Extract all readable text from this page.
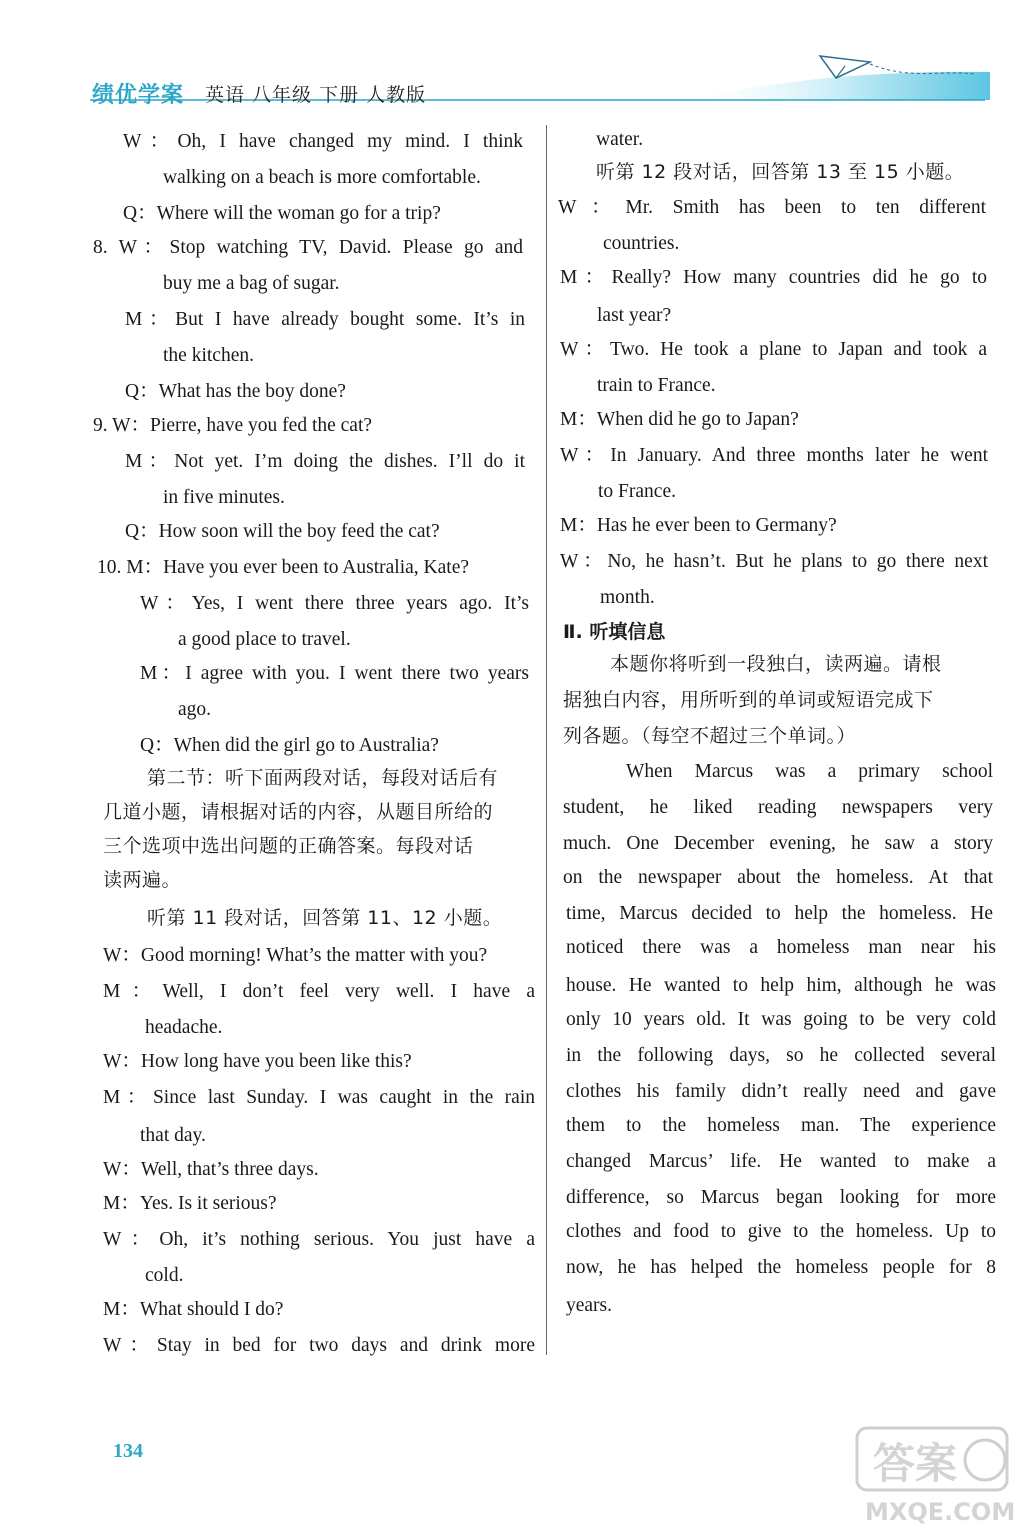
绩优学案 英语 八年级 下册 人教版
W：Oh, I have changed my mind. I think
walking on a beach is more comfortable.
Q：Where will the woman go for a trip?
8. W：Stop watching TV, David. Please go and
buy me a bag of sugar.
M：But I have already bought some. It’s in
the kitchen.
Q：What has the boy done?
9. W：Pierre, have you fed the cat?
M：Not yet. I’m doing the dishes. I’ll do it
in five minutes.
Q：How soon will the boy feed the cat?
10. M：Have you ever been to Australia, Kate?
W：Yes, I went there three years ago. It’s
a good place to travel.
M：I agree with you. I went there two years
ago.
Q：When did the girl go to Australia?
第二节：听下面两段对话，每段对话后有
几道小题，请根据对话的内容，从题目所给的
三个选项中选出问题的正确答案。每段对话
读两遍。
听第 11 段对话，回答第 11、12 小题。
W：Good morning! What’s the matter with you?
M：Well, I don’t feel very well. I have a
headache.
W：How long have you been like this?
M：Since last Sunday. I was caught in the rain
that day.
W：Well, that’s three days.
M：Yes. Is it serious?
W：Oh, it’s nothing serious. You just have a
cold.
M：What should I do?
W：Stay in bed for two days and drink more
water.
听第 12 段对话，回答第 13 至 15 小题。
W：Mr. Smith has been to ten different
countries.
M：Really? How many countries did he go to
last year?
W：Two. He took a plane to Japan and took a
train to France.
M：When did he go to Japan?
W：In January. And three months later he went
to France.
M：Has he ever been to Germany?
W：No, he hasn’t. But he plans to go there next
month.
Ⅱ. 听填信息
本题你将听到一段独白，读两遍。请根
据独白内容，用所听到的单词或短语完成下
列各题。（每空不超过三个单词。）
When Marcus was a primary school
student, he liked reading newspapers very
much. One December evening, he saw a story
on the newspaper about the homeless. At that
time, Marcus decided to help the homeless. He
noticed there was a homeless man near his
house. He wanted to help him, although he was
only 10 years old. It was going to be very cold
in the following days, so he collected several
clothes his family didn’t really need and gave
them to the homeless man. The experience
changed Marcus’ life. He wanted to make a
difference, so Marcus began looking for more
clothes and food to give to the homeless. Up to
now, he has helped the homeless people for 8
years.
134	答案
MXQE.COM
